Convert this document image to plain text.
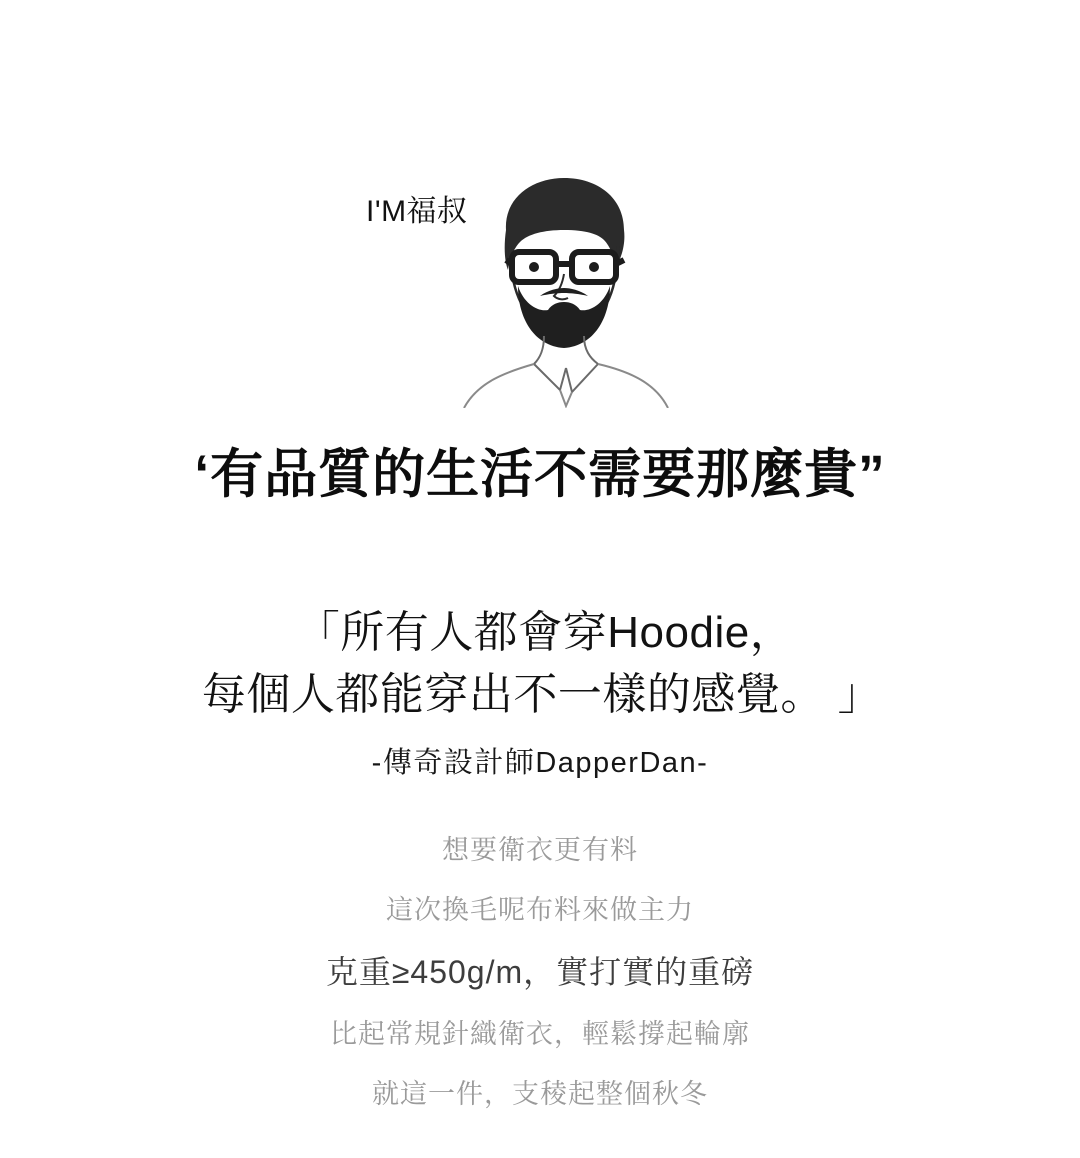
I'M福叔
‘有品質的生活不需要那麼貴”
「所有人都會穿Hoodie，
每個人都能穿出不一樣的感覺。 」
-傳奇設計師DapperDan-
想要衛衣更有料
這次換毛呢布料來做主力
克重≥450g/m，實打實的重磅
比起常規針織衛衣，輕鬆撐起輪廓
就這一件，支稜起整個秋冬
